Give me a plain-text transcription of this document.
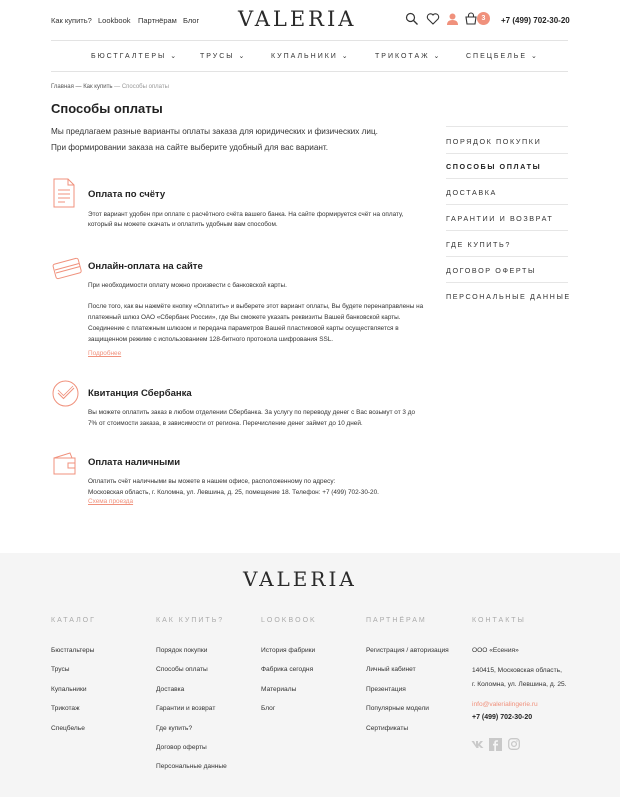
Как купить? Lookbook Партнёрам Блог VALERIA	3	+7 (499) 702-30-20
БЮСТГАЛТЕРЫ ⌄	ТРУСЫ ⌄	КУПАЛЬНИКИ ⌄	ТРИКОТАЖ ⌄	СПЕЦБЕЛЬЕ ⌄
Главная — Как купить — Способы оплаты
Способы оплаты
Мы предлагаем разные варианты оплаты заказа для юридических и физических лиц.
При формировании заказа на сайте выберите удобный для вас вариант.
ПОРЯДОК ПОКУПКИ
СПОСОБЫ ОПЛАТЫ
ДОСТАВКА
ГАРАНТИИ И ВОЗВРАТ
ГДЕ КУПИТЬ?
ДОГОВОР ОФЕРТЫ
ПЕРСОНАЛЬНЫЕ ДАННЫЕ
Оплата по счёту
Этот вариант удобен при оплате с расчётного счёта вашего банка. На сайте формируется счёт на оплату,
который вы можете скачать и оплатить удобным вам способом.
Онлайн-оплата на сайте
При необходимости оплату можно произвести с банковской карты.
После того, как вы нажмёте кнопку «Оплатить» и выберете этот вариант оплаты, Вы будете перенаправлены на
платежный шлюз ОАО «Сбербанк России», где Вы сможете указать реквизиты Вашей банковской карты.
Соединение с платежным шлюзом и передача параметров Вашей пластиковой карты осуществляется в
защищенном режиме с использованием 128-битного протокола шифрования SSL.
Подробнее
Квитанция Сбербанка
Вы можете оплатить заказ в любом отделении Сбербанка. За услугу по переводу денег с Вас возьмут от 3 до
7% от стоимости заказа, в зависимости от региона. Перечисление денег займет до 10 дней.
Оплата наличными
Оплатить счёт наличными вы можете в нашем офисе, расположенному по адресу:
Московская область, г. Коломна, ул. Левшина, д. 25, помещение 18. Телефон: +7 (499) 702-30-20.
Схема проезда
VALERIA
КАТАЛОГ
Бюстгальтеры
Трусы
Купальники
Трикотаж
Спецбелье
КАК КУПИТЬ?
Порядок покупки
Способы оплаты
Доставка
Гарантии и возврат
Где купить?
Договор оферты
Персональные данные
LOOKBOOK
История фабрики
Фабрика сегодня
Материалы
Блог
ПАРТНЁРАМ
Регистрация / авторизация
Личный кабинет
Презентация
Популярные модели
Сертификаты
КОНТАКТЫ
ООО «Есения»
140415, Московская область,
г. Коломна, ул. Левшина, д. 25.
info@valerialingerie.ru
+7 (499) 702-30-20
